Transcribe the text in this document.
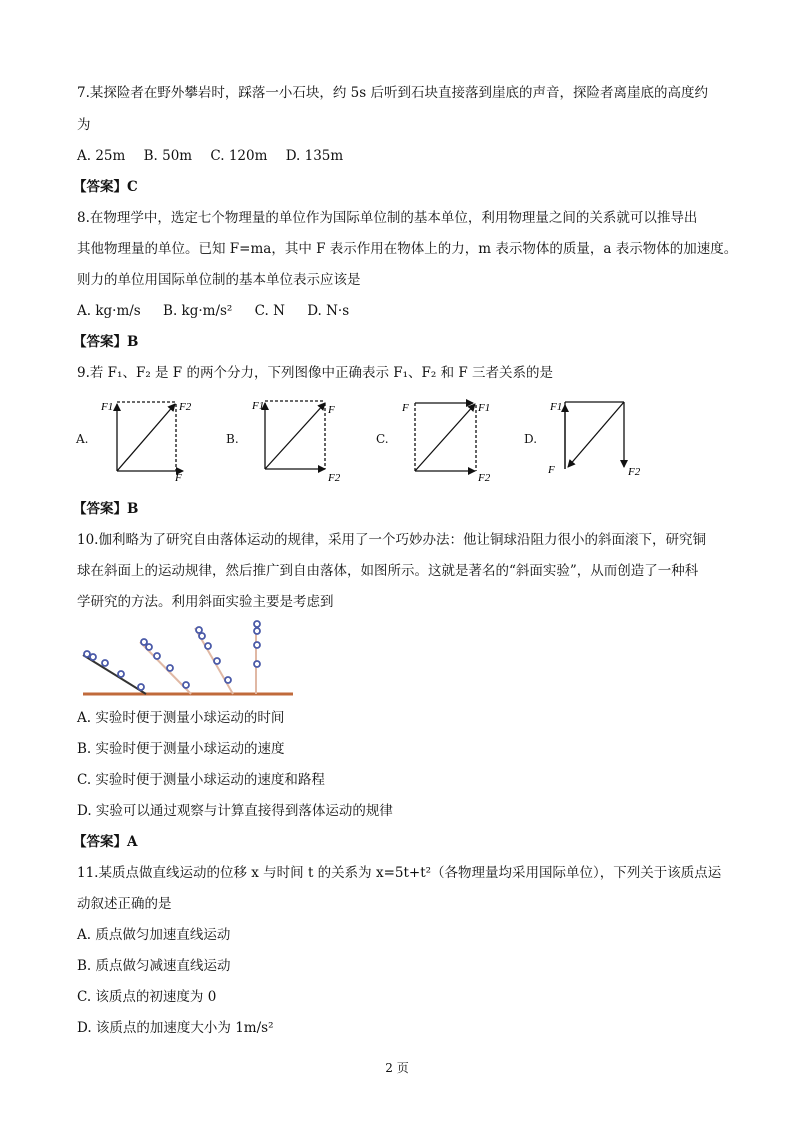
7.某探险者在野外攀岩时，踩落一小石块，约 5s 后听到石块直接落到崖底的声音，探险者离崖底的高度约
为
A. 25m B. 50m C. 120m D. 135m
【答案】C
8.在物理学中，选定七个物理量的单位作为国际单位制的基本单位，利用物理量之间的关系就可以推导出
其他物理量的单位。已知 F=ma，其中 F 表示作用在物体上的力，m 表示物体的质量，a 表示物体的加速度。
则力的单位用国际单位制的基本单位表示应该是
A. kg·m/s B. kg·m/s² C. N D. N·s
【答案】B
9.若 F₁、F₂ 是 F 的两个分力，下列图像中正确表示 F₁、F₂ 和 F 三者关系的是
A.
F1	F2
F
B.
F1	F
F2
C.
F	F1
F2
D.
F1
F	F2
【答案】B
10.伽利略为了研究自由落体运动的规律，采用了一个巧妙办法：他让铜球沿阻力很小的斜面滚下，研究铜
球在斜面上的运动规律，然后推广到自由落体，如图所示。这就是著名的“斜面实验”，从而创造了一种科
学研究的方法。利用斜面实验主要是考虑到
A. 实验时便于测量小球运动的时间
B. 实验时便于测量小球运动的速度
C. 实验时便于测量小球运动的速度和路程
D. 实验可以通过观察与计算直接得到落体运动的规律
【答案】A
11.某质点做直线运动的位移 x 与时间 t 的关系为 x=5t+t²（各物理量均采用国际单位），下列关于该质点运
动叙述正确的是
A. 质点做匀加速直线运动
B. 质点做匀减速直线运动
C. 该质点的初速度为 0
D. 该质点的加速度大小为 1m/s²
2 页
